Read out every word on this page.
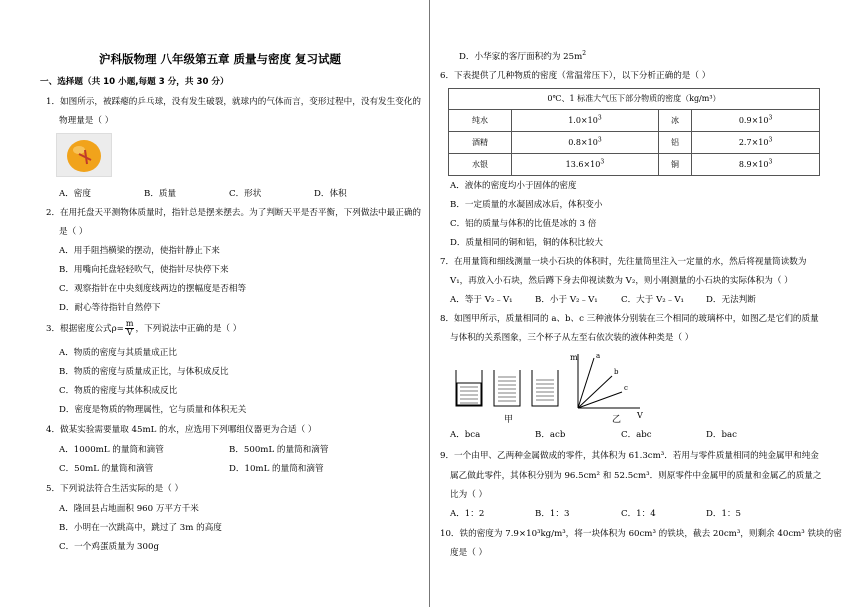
沪科版物理 八年级第五章 质量与密度 复习试题
一、选择题（共 10 小题,每题 3 分，共 30 分）
1．如图所示，被踩瘪的乒乓球，没有发生破裂，就球内的气体而言，变形过程中，没有发生变化的
物理量是（ ）
A．密度	B．质量	C．形状	D．体积
2．在用托盘天平测物体质量时，指针总是摆来摆去。为了判断天平是否平衡，下列做法中最正确的
是（ ）
A．用手阻挡横梁的摆动，使指针静止下来
B．用嘴向托盘轻轻吹气，使指针尽快停下来
C．观察指针在中央刻度线两边的摆幅度是否相等
D．耐心等待指针自然停下
3．根据密度公式$\rho= \frac{m}{V}$ ，下列说法中正确的是（ ）
A．物质的密度与其质量成正比
B．物质的密度与质量成正比，与体积成反比
C．物质的密度与其体积成反比
D．密度是物质的物理属性，它与质量和体积无关
4．做某实验需要量取 45mL 的水，应选用下列哪组仪器更为合适（ ）
A．1000mL 的量筒和滴管	B．500mL 的量筒和滴管
C．50mL 的量筒和滴管	D．10mL 的量筒和滴管
5．下列说法符合生活实际的是（ ）
A．隆回县占地面积 960 万平方千米
B．小明在一次跳高中，跳过了 3m 的高度
C．一个鸡蛋质量为 300g
D．小华家的客厅面积约为 $25m^2$
6．下表提供了几种物质的密度（常温常压下），以下分析正确的是（ ）
0℃、1 标准大气压下部分物质的密度（kg/m³）			
纯水	$1.0\times 10^3$	冰	$0.9\times 10^3$
酒精	$0.8\times 10^3$	铝	$2.7\times 10^3$
水银	$13.6\times 10^3$	铜	$8.9\times 10^3$
A．液体的密度均小于固体的密度
B．一定质量的水凝固成冰后，体积变小
C．铝的质量与体积的比值是冰的 3 倍
D．质量相同的铜和铝，铜的体积比较大
7．在用量筒和细线测量一块小石块的体积时，先往量筒里注入一定量的水，然后将视量筒读数为
V₁，再放入小石块，然后蹲下身去仰视读数为 V₂，则小刚测量的小石块的实际体积为（ ）
A．等于 V₂﹣V₁	B．小于 V₂﹣V₁	C．大于 V₂﹣V₁	D．无法判断
8．如图甲所示，质量相同的 a、b、c 三种液体分别装在三个相同的玻璃杯中，如图乙是它们的质量
与体积的关系图象，三个杯子从左至右依次装的液体种类是（ ）
甲
m	a
b
c
V
乙
A．bca	B．acb	C．abc	D．bac
9．一个由甲、乙两种金属做成的零件，其体积为 61.3cm³．若用与零件质量相同的纯金属甲和纯金
属乙做此零件，其体积分别为 96.5cm² 和 52.5cm³．则原零件中金属甲的质量和金属乙的质量之
比为（ ）
A．1：2	B．1：3	C．1：4	D．1：5
10．铁的密度为 7.9×10³kg/m³，将一块体积为 60cm³ 的铁块，截去 20cm³，则剩余 40cm³ 铁块的密
度是（ ）
